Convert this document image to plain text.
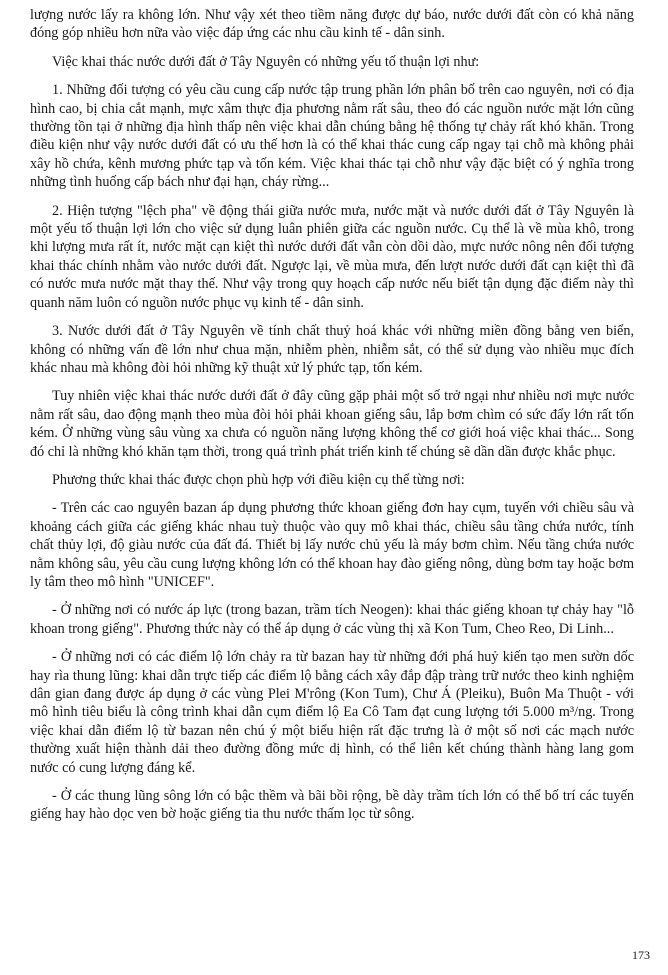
lượng nước lấy ra không lớn. Như vậy xét theo tiềm năng được dự báo, nước dưới đất còn có khả năng đóng góp nhiều hơn nữa vào việc đáp ứng các nhu cầu kinh tế - dân sinh.

Việc khai thác nước dưới đất ở Tây Nguyên có những yếu tố thuận lợi như:

1. Những đối tượng có yêu cầu cung cấp nước tập trung phần lớn phân bố trên cao nguyên, nơi có địa hình cao, bị chia cắt mạnh, mực xâm thực địa phương nằm rất sâu, theo đó các nguồn nước mặt lớn cũng thường tồn tại ở những địa hình thấp nên việc khai dẫn chúng bằng hệ thống tự chảy rất khó khăn. Trong điều kiện như vậy nước dưới đất có ưu thế hơn là có thể khai thác cung cấp ngay tại chỗ mà không phải xây hồ chứa, kênh mương phức tạp và tốn kém. Việc khai thác tại chỗ như vậy đặc biệt có ý nghĩa trong những tình huống cấp bách như đại hạn, cháy rừng...

2. Hiện tượng "lệch pha" về động thái giữa nước mưa, nước mặt và nước dưới đất ở Tây Nguyên là một yếu tố thuận lợi lớn cho việc sử dụng luân phiên giữa các nguồn nước. Cụ thể là về mùa khô, trong khi lượng mưa rất ít, nước mặt cạn kiệt thì nước dưới đất vẫn còn dồi dào, mực nước nông nên đối tượng khai thác chính nhằm vào nước dưới đất. Ngược lại, về mùa mưa, đến lượt nước dưới đất cạn kiệt thì đã có nước mưa nước mặt thay thế. Như vậy trong quy hoạch cấp nước nếu biết tận dụng đặc điểm này thì quanh năm luôn có nguồn nước phục vụ kinh tế - dân sinh.

3. Nước dưới đất ở Tây Nguyên về tính chất thuỷ hoá khác với những miền đồng bằng ven biển, không có những vấn đề lớn như chua mặn, nhiễm phèn, nhiễm sắt, có thể sử dụng vào nhiều mục đích khác nhau mà không đòi hỏi những kỹ thuật xử lý phức tạp, tốn kém.

Tuy nhiên việc khai thác nước dưới đất ở đây cũng gặp phải một số trở ngại như nhiều nơi mực nước nằm rất sâu, dao động mạnh theo mùa đòi hỏi phải khoan giếng sâu, lắp bơm chìm có sức đẩy lớn rất tốn kém. Ở những vùng sâu vùng xa chưa có nguồn năng lượng không thể cơ giới hoá việc khai thác... Song đó chỉ là những khó khăn tạm thời, trong quá trình phát triển kinh tế chúng sẽ dần dần được khắc phục.

Phương thức khai thác được chọn phù hợp với điều kiện cụ thể từng nơi:

- Trên các cao nguyên bazan áp dụng phương thức khoan giếng đơn hay cụm, tuyến với chiều sâu và khoảng cách giữa các giếng khác nhau tuỳ thuộc vào quy mô khai thác, chiều sâu tầng chứa nước, tính chất thủy lợi, độ giàu nước của đất đá. Thiết bị lấy nước chủ yếu là máy bơm chìm. Nếu tầng chứa nước nằm không sâu, yêu cầu cung lượng không lớn có thể khoan hay đào giếng nông, dùng bơm tay hoặc bơm ly tâm theo mô hình "UNICEF".

- Ở những nơi có nước áp lực (trong bazan, trầm tích Neogen): khai thác giếng khoan tự chảy hay "lỗ khoan trong giếng". Phương thức này có thể áp dụng ở các vùng thị xã Kon Tum, Cheo Reo, Di Linh...

- Ở những nơi có các điểm lộ lớn chảy ra từ bazan hay từ những đới phá huỷ kiến tạo men sườn dốc hay rìa thung lũng: khai dẫn trực tiếp các điểm lộ bằng cách xây đắp đập tràng trữ nước theo kinh nghiệm dân gian đang được áp dụng ở các vùng Plei M'rông (Kon Tum), Chư Á (Pleiku), Buôn Ma Thuột - với mô hình tiêu biểu là công trình khai dẫn cụm điểm lộ Ea Cô Tam đạt cung lượng tới 5.000 m³/ng. Trong việc khai dẫn điểm lộ từ bazan nên chú ý một biểu hiện rất đặc trưng là ở một số nơi các mạch nước thường xuất hiện thành dải theo đường đồng mức dị hình, có thể liên kết chúng thành hàng lang gom nước có cung lượng đáng kể.

- Ở các thung lũng sông lớn có bậc thềm và bãi bồi rộng, bề dày trầm tích lớn có thể bố trí các tuyến giếng hay hào dọc ven bờ hoặc giếng tia thu nước thấm lọc từ sông.

173
